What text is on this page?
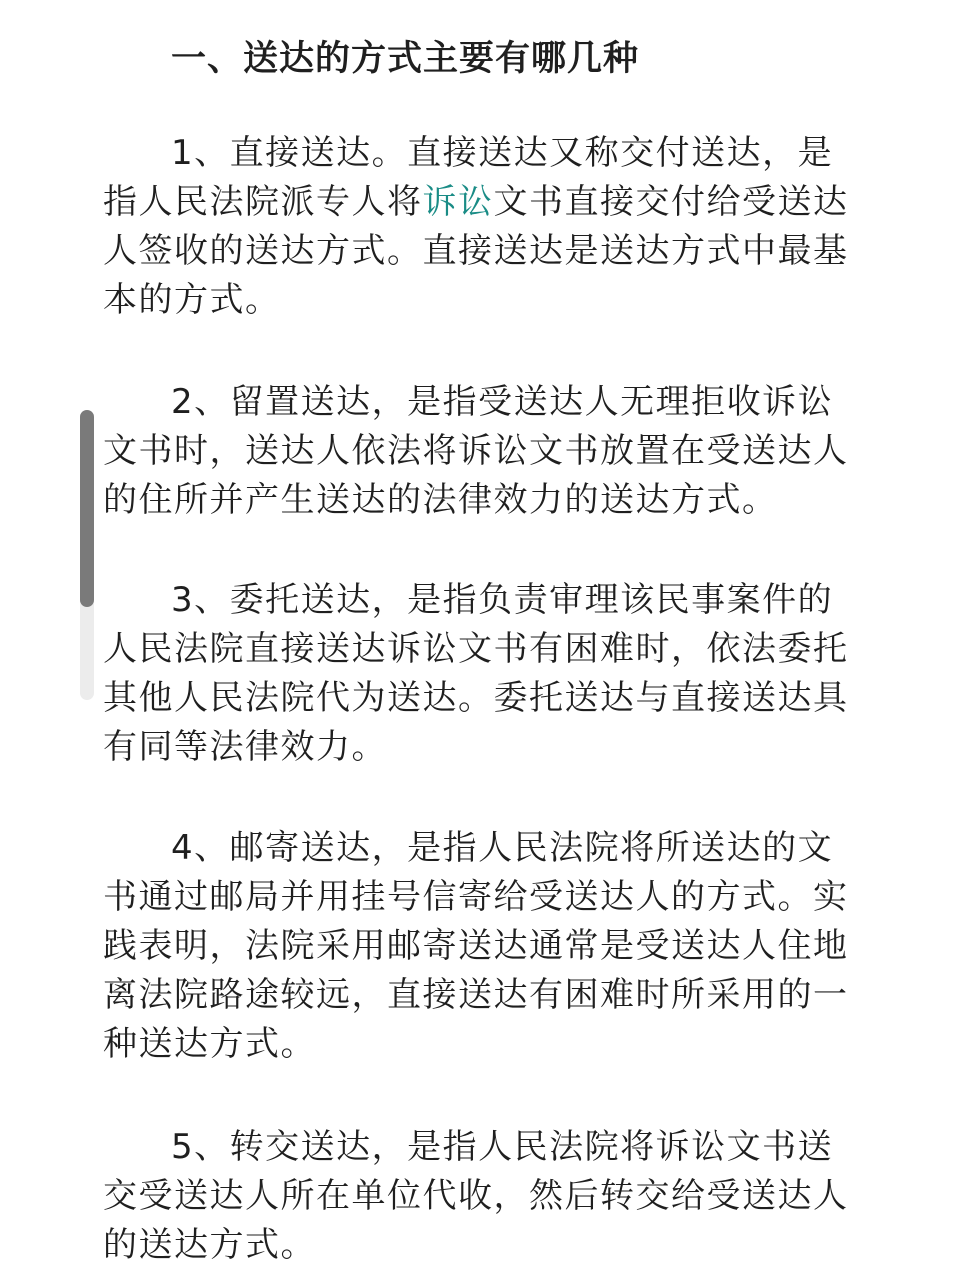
一、送达的方式主要有哪几种

1、直接送达。直接送达又称交付送达，是指人民法院派专人将诉讼文书直接交付给受送达人签收的送达方式。直接送达是送达方式中最基本的方式。

2、留置送达，是指受送达人无理拒收诉讼文书时，送达人依法将诉讼文书放置在受送达人的住所并产生送达的法律效力的送达方式。

3、委托送达，是指负责审理该民事案件的人民法院直接送达诉讼文书有困难时，依法委托其他人民法院代为送达。委托送达与直接送达具有同等法律效力。

4、邮寄送达，是指人民法院将所送达的文书通过邮局并用挂号信寄给受送达人的方式。实践表明，法院采用邮寄送达通常是受送达人住地离法院路途较远，直接送达有困难时所采用的一种送达方式。

5、转交送达，是指人民法院将诉讼文书送交受送达人所在单位代收，然后转交给受送达人的送达方式。
